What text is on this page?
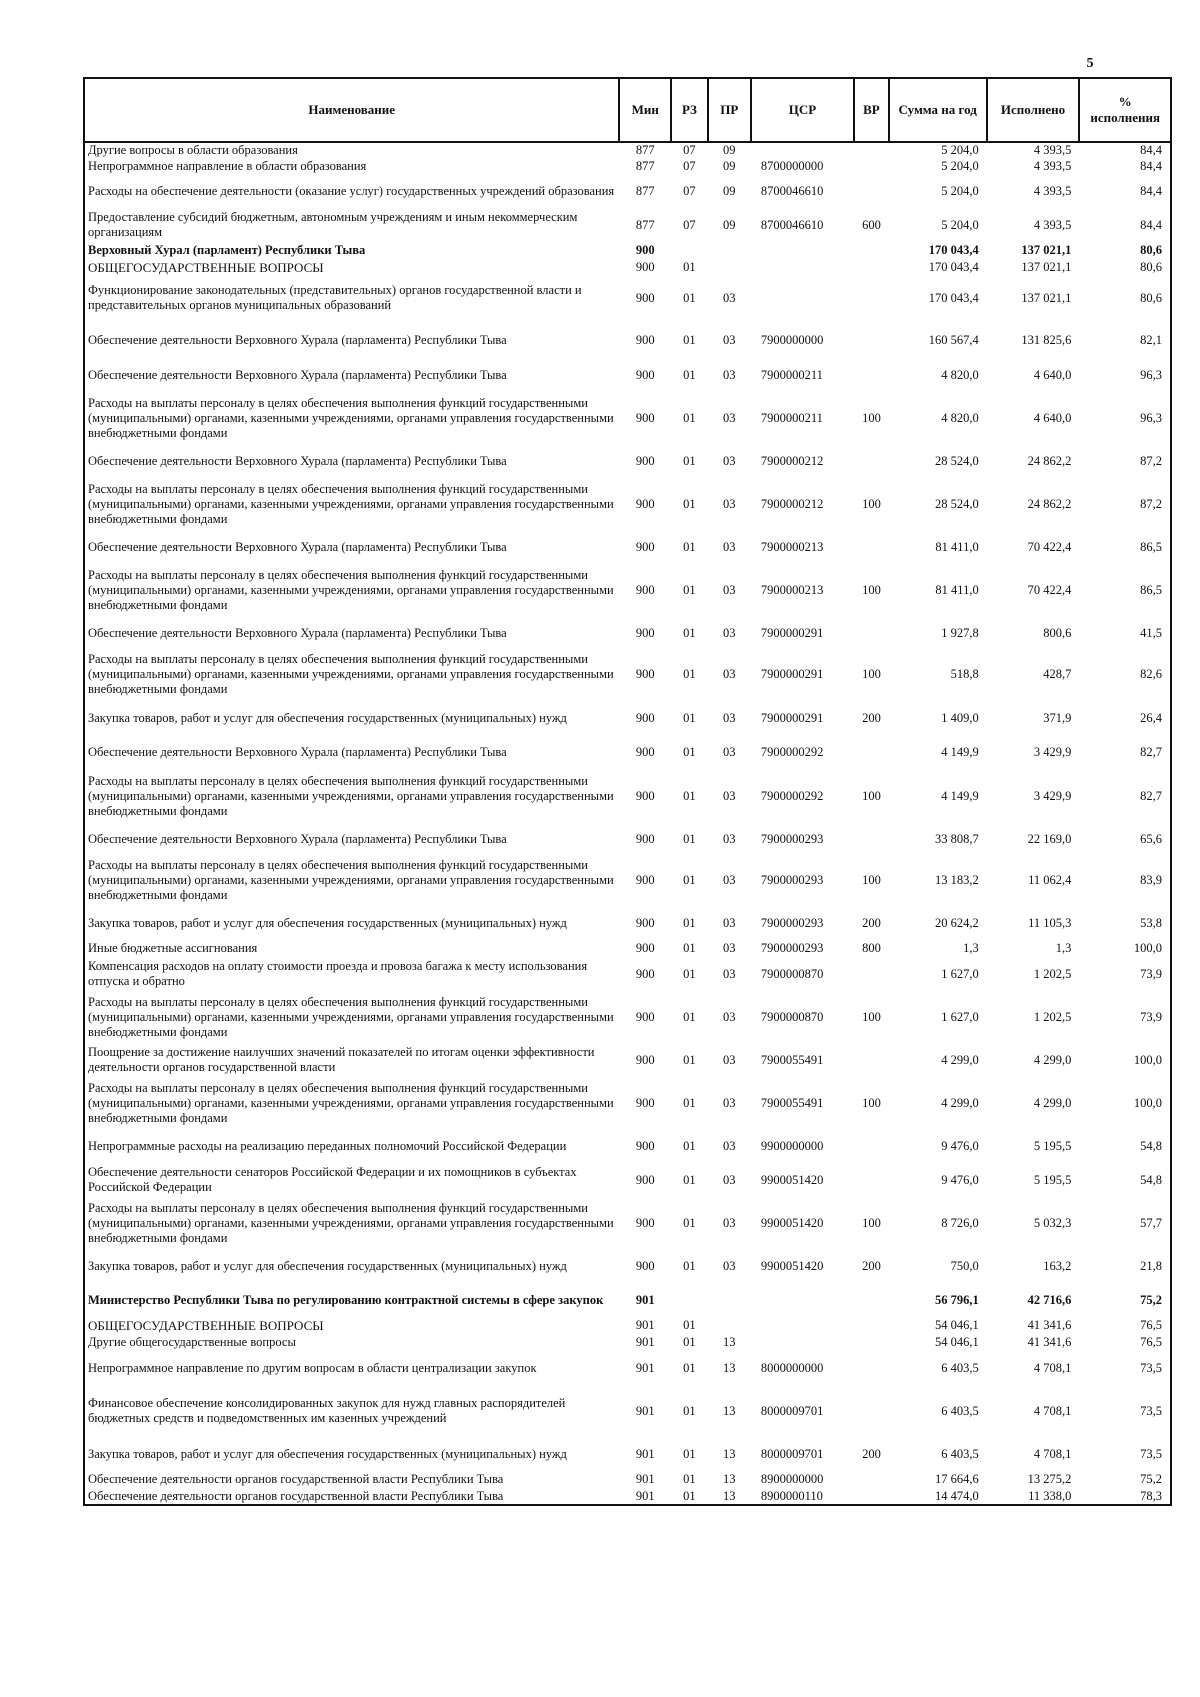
5
Наименование	Мин	РЗ	ПР	ЦСР	ВР	Сумма на год	Исполнено	% исполнения
Другие вопросы в области образования	877	07	09			5 204,0	4 393,5	84,4
Непрограммное направление в области образования	877	07	09	8700000000		5 204,0	4 393,5	84,4
Расходы на обеспечение деятельности (оказание услуг) государственных учреждений образования	877	07	09	8700046610		5 204,0	4 393,5	84,4
Предоставление субсидий бюджетным, автономным учреждениям и иным некоммерческим организациям	877	07	09	8700046610	600	5 204,0	4 393,5	84,4
Верховный Хурал (парламент) Республики Тыва	900					170 043,4	137 021,1	80,6
ОБЩЕГОСУДАРСТВЕННЫЕ ВОПРОСЫ	900	01				170 043,4	137 021,1	80,6
Функционирование законодательных (представительных) органов государственной власти и представительных органов муниципальных образований	900	01	03			170 043,4	137 021,1	80,6
Обеспечение деятельности Верховного Хурала (парламента) Республики Тыва	900	01	03	7900000000		160 567,4	131 825,6	82,1
Обеспечение деятельности Верховного Хурала (парламента) Республики Тыва	900	01	03	7900000211		4 820,0	4 640,0	96,3
Расходы на выплаты персоналу в целях обеспечения выполнения функций государственными (муниципальными) органами, казенными учреждениями, органами управления государственными внебюджетными фондами	900	01	03	7900000211	100	4 820,0	4 640,0	96,3
Обеспечение деятельности Верховного Хурала (парламента) Республики Тыва	900	01	03	7900000212		28 524,0	24 862,2	87,2
Расходы на выплаты персоналу в целях обеспечения выполнения функций государственными (муниципальными) органами, казенными учреждениями, органами управления государственными внебюджетными фондами	900	01	03	7900000212	100	28 524,0	24 862,2	87,2
Обеспечение деятельности Верховного Хурала (парламента) Республики Тыва	900	01	03	7900000213		81 411,0	70 422,4	86,5
Расходы на выплаты персоналу в целях обеспечения выполнения функций государственными (муниципальными) органами, казенными учреждениями, органами управления государственными внебюджетными фондами	900	01	03	7900000213	100	81 411,0	70 422,4	86,5
Обеспечение деятельности Верховного Хурала (парламента) Республики Тыва	900	01	03	7900000291		1 927,8	800,6	41,5
Расходы на выплаты персоналу в целях обеспечения выполнения функций государственными (муниципальными) органами, казенными учреждениями, органами управления государственными внебюджетными фондами	900	01	03	7900000291	100	518,8	428,7	82,6
Закупка товаров, работ и услуг для обеспечения государственных (муниципальных) нужд	900	01	03	7900000291	200	1 409,0	371,9	26,4
Обеспечение деятельности Верховного Хурала (парламента) Республики Тыва	900	01	03	7900000292		4 149,9	3 429,9	82,7
Расходы на выплаты персоналу в целях обеспечения выполнения функций государственными (муниципальными) органами, казенными учреждениями, органами управления государственными внебюджетными фондами	900	01	03	7900000292	100	4 149,9	3 429,9	82,7
Обеспечение деятельности Верховного Хурала (парламента) Республики Тыва	900	01	03	7900000293		33 808,7	22 169,0	65,6
Расходы на выплаты персоналу в целях обеспечения выполнения функций государственными (муниципальными) органами, казенными учреждениями, органами управления государственными внебюджетными фондами	900	01	03	7900000293	100	13 183,2	11 062,4	83,9
Закупка товаров, работ и услуг для обеспечения государственных (муниципальных) нужд	900	01	03	7900000293	200	20 624,2	11 105,3	53,8
Иные бюджетные ассигнования	900	01	03	7900000293	800	1,3	1,3	100,0
Компенсация расходов на оплату стоимости проезда и провоза багажа к месту использования отпуска и обратно	900	01	03	7900000870		1 627,0	1 202,5	73,9
Расходы на выплаты персоналу в целях обеспечения выполнения функций государственными (муниципальными) органами, казенными учреждениями, органами управления государственными внебюджетными фондами	900	01	03	7900000870	100	1 627,0	1 202,5	73,9
Поощрение за достижение наилучших значений показателей по итогам оценки эффективности деятельности органов государственной власти	900	01	03	7900055491		4 299,0	4 299,0	100,0
Расходы на выплаты персоналу в целях обеспечения выполнения функций государственными (муниципальными) органами, казенными учреждениями, органами управления государственными внебюджетными фондами	900	01	03	7900055491	100	4 299,0	4 299,0	100,0
Непрограммные расходы на реализацию переданных полномочий Российской Федерации	900	01	03	9900000000		9 476,0	5 195,5	54,8
Обеспечение деятельности сенаторов Российской Федерации и их помощников в субъектах Российской Федерации	900	01	03	9900051420		9 476,0	5 195,5	54,8
Расходы на выплаты персоналу в целях обеспечения выполнения функций государственными (муниципальными) органами, казенными учреждениями, органами управления государственными внебюджетными фондами	900	01	03	9900051420	100	8 726,0	5 032,3	57,7
Закупка товаров, работ и услуг для обеспечения государственных (муниципальных) нужд	900	01	03	9900051420	200	750,0	163,2	21,8
Министерство Республики Тыва по регулированию контрактной системы в сфере закупок	901					56 796,1	42 716,6	75,2
ОБЩЕГОСУДАРСТВЕННЫЕ ВОПРОСЫ	901	01				54 046,1	41 341,6	76,5
Другие общегосударственные вопросы	901	01	13			54 046,1	41 341,6	76,5
Непрограммное направление по другим вопросам в области централизации закупок	901	01	13	8000000000		6 403,5	4 708,1	73,5
Финансовое обеспечение консолидированных закупок для нужд главных распорядителей бюджетных средств и подведомственных им казенных учреждений	901	01	13	8000009701		6 403,5	4 708,1	73,5
Закупка товаров, работ и услуг для обеспечения государственных (муниципальных) нужд	901	01	13	8000009701	200	6 403,5	4 708,1	73,5
Обеспечение деятельности органов государственной власти Республики Тыва	901	01	13	8900000000		17 664,6	13 275,2	75,2
Обеспечение деятельности органов государственной власти Республики Тыва	901	01	13	8900000110		14 474,0	11 338,0	78,3
